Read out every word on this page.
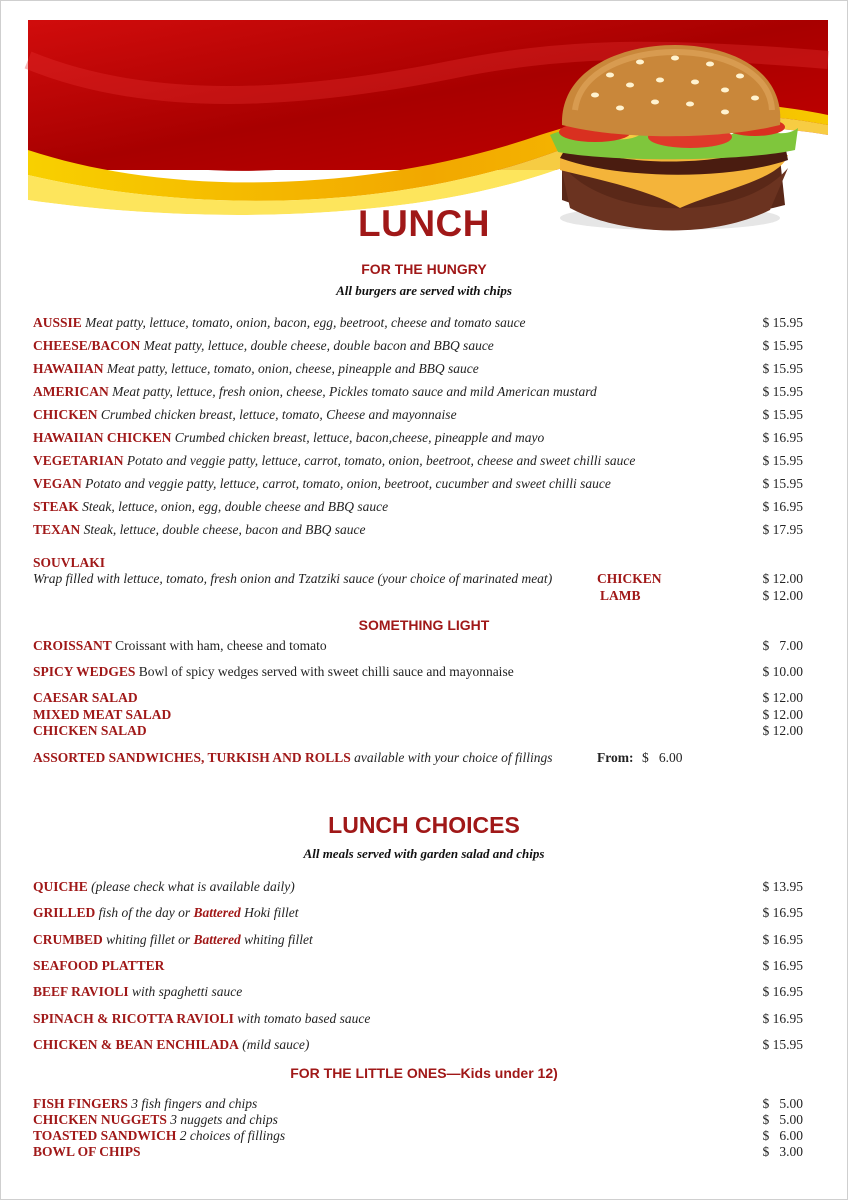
LUNCH
FOR THE HUNGRY
All burgers are served with chips
AUSSIE Meat patty, lettuce, tomato, onion, bacon, egg, beetroot, cheese and tomato sauce	$ 15.95
CHEESE/BACON Meat patty, lettuce, double cheese, double bacon and BBQ sauce	$ 15.95
HAWAIIAN Meat patty, lettuce, tomato, onion, cheese, pineapple and BBQ sauce	$ 15.95
AMERICAN Meat patty, lettuce, fresh onion, cheese, Pickles tomato sauce and mild American mustard	$ 15.95
CHICKEN Crumbed chicken breast, lettuce, tomato, Cheese and mayonnaise	$ 15.95
HAWAIIAN CHICKEN Crumbed chicken breast, lettuce, bacon,cheese, pineapple and mayo	$ 16.95
VEGETARIAN Potato and veggie patty, lettuce, carrot, tomato, onion, beetroot, cheese and sweet chilli sauce	$ 15.95
VEGAN Potato and veggie patty, lettuce, carrot, tomato, onion, beetroot, cucumber and sweet chilli sauce	$ 15.95
STEAK Steak, lettuce, onion, egg, double cheese and BBQ sauce	$ 16.95
TEXAN Steak, lettuce, double cheese, bacon and BBQ sauce	$ 17.95
SOUVLAKI
Wrap filled with lettuce, tomato, fresh onion and Tzatziki sauce (your choice of marinated meat)	CHICKEN	$ 12.00
LAMB	$ 12.00
SOMETHING LIGHT
CROISSANT Croissant with ham, cheese and tomato	$   7.00
SPICY WEDGES Bowl of spicy wedges served with sweet chilli sauce and mayonnaise	$ 10.00
CAESAR SALAD	$ 12.00
MIXED MEAT SALAD	$ 12.00
CHICKEN SALAD	$ 12.00
ASSORTED SANDWICHES, TURKISH AND ROLLS available with your choice of fillings	From: $   6.00
LUNCH CHOICES
All meals served with garden salad and chips
QUICHE (please check what is available daily)	$ 13.95
GRILLED fish of the day or Battered Hoki fillet	$ 16.95
CRUMBED whiting fillet or Battered whiting fillet	$ 16.95
SEAFOOD PLATTER	$ 16.95
BEEF RAVIOLI with spaghetti sauce	$ 16.95
SPINACH & RICOTTA RAVIOLI with tomato based sauce	$ 16.95
CHICKEN & BEAN ENCHILADA (mild sauce)	$ 15.95
FOR THE LITTLE ONES—Kids under 12)
FISH FINGERS 3 fish fingers and chips	$   5.00
CHICKEN NUGGETS 3 nuggets and chips	$   5.00
TOASTED SANDWICH 2 choices of fillings	$   6.00
BOWL OF CHIPS	$   3.00
